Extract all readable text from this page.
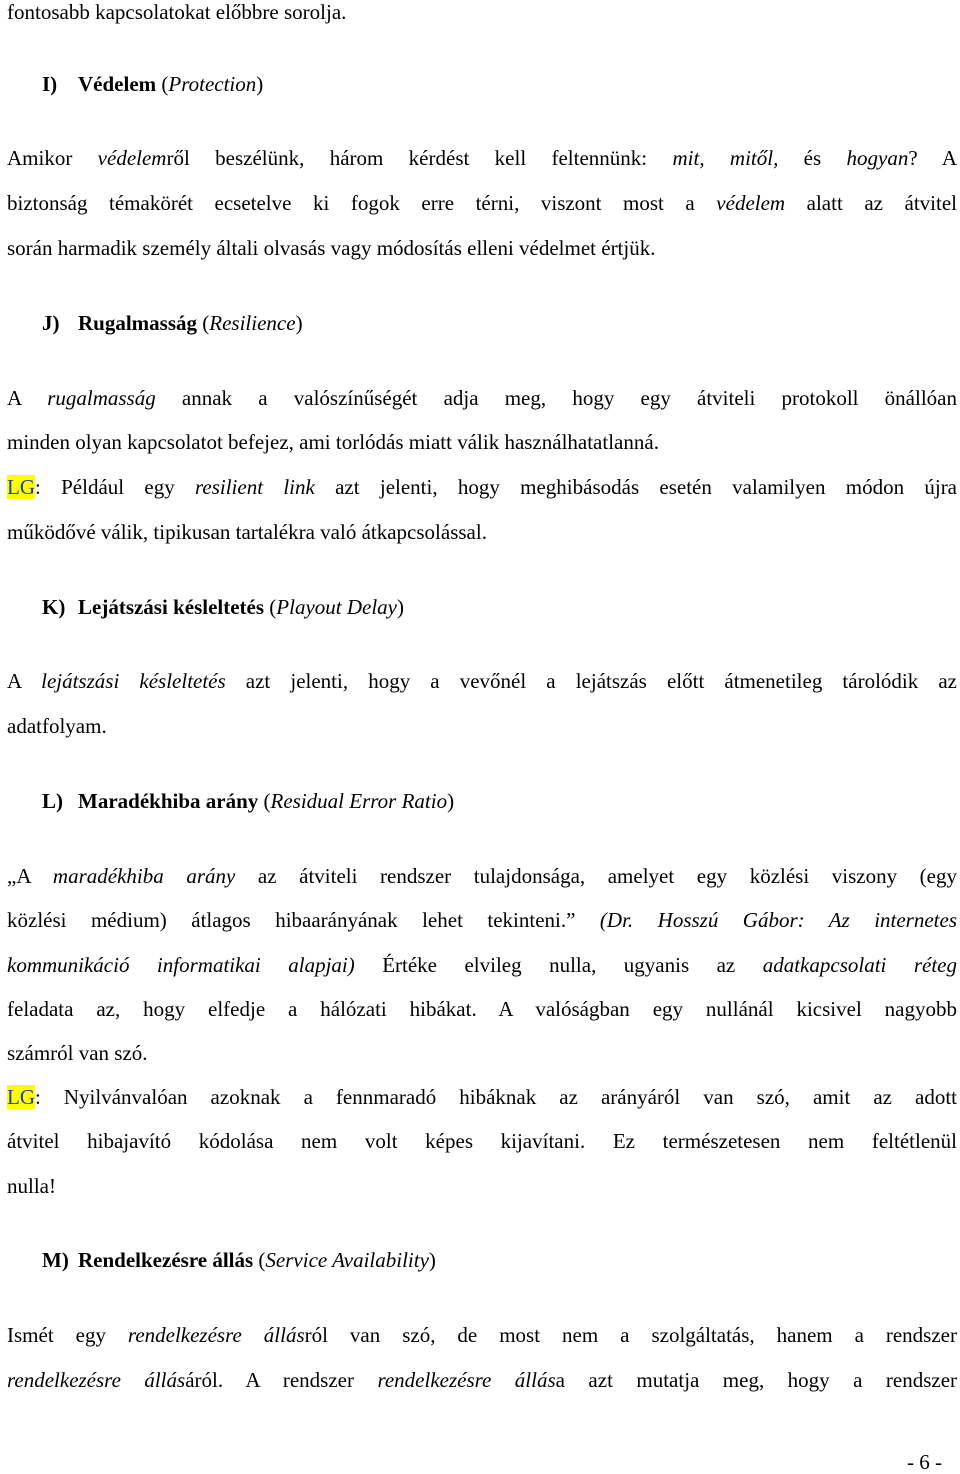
fontosabb kapcsolatokat előbbre sorolja.
I) Védelem (Protection)
Amikor védelemről beszélünk, három kérdést kell feltennünk: mit, mitől, és hogyan? A
biztonság témakörét ecsetelve ki fogok erre térni, viszont most a védelem alatt az átvitel
során harmadik személy általi olvasás vagy módosítás elleni védelmet értjük.
J) Rugalmasság (Resilience)
A rugalmasság annak a valószínűségét adja meg, hogy egy átviteli protokoll önállóan
minden olyan kapcsolatot befejez, ami torlódás miatt válik használhatatlanná.
LG: Például egy resilient link azt jelenti, hogy meghibásodás esetén valamilyen módon újra
működővé válik, tipikusan tartalékra való átkapcsolással.
K) Lejátszási késleltetés (Playout Delay)
A lejátszási késleltetés azt jelenti, hogy a vevőnél a lejátszás előtt átmenetileg tárolódik az
adatfolyam.
L) Maradékhiba arány (Residual Error Ratio)
„A maradékhiba arány az átviteli rendszer tulajdonsága, amelyet egy közlési viszony (egy
közlési médium) átlagos hibaarányának lehet tekinteni.” (Dr. Hosszú Gábor: Az internetes
kommunikáció informatikai alapjai) Értéke elvileg nulla, ugyanis az adatkapcsolati réteg
feladata az, hogy elfedje a hálózati hibákat. A valóságban egy nullánál kicsivel nagyobb
számról van szó.
LG: Nyilvánvalóan azoknak a fennmaradó hibáknak az arányáról van szó, amit az adott
átvitel hibajavító kódolása nem volt képes kijavítani. Ez természetesen nem feltétlenül
nulla!
M) Rendelkezésre állás (Service Availability)
Ismét egy rendelkezésre állásról van szó, de most nem a szolgáltatás, hanem a rendszer
rendelkezésre állásáról. A rendszer rendelkezésre állása azt mutatja meg, hogy a rendszer
- 6 -
